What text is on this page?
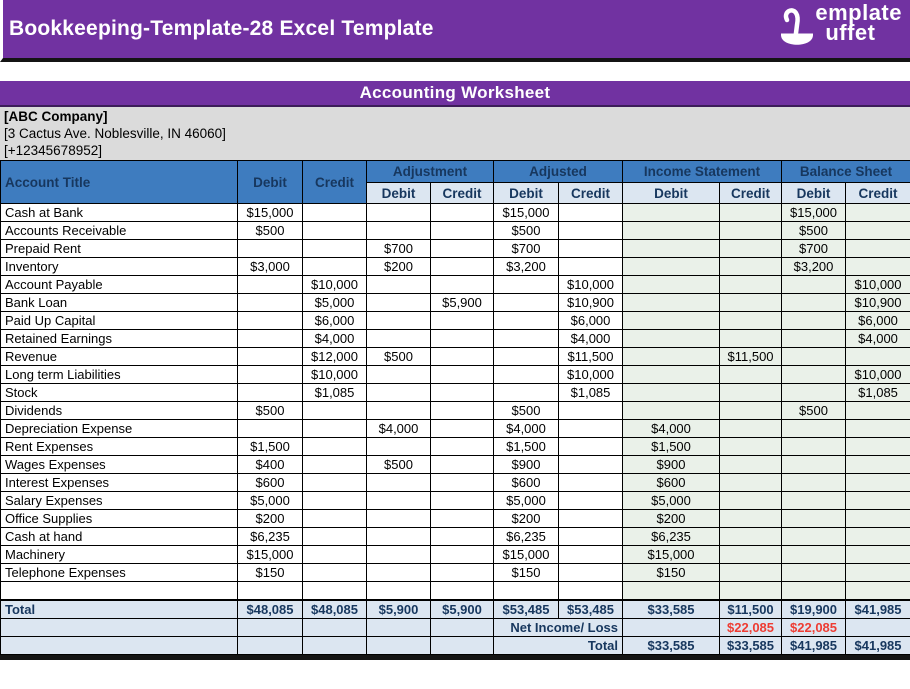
Bookkeeping-Template-28 Excel Template
emplate
uffet
Accounting Worksheet
[ABC Company]
[3 Cactus Ave. Noblesville, IN 46060]
[+12345678952]
Account Title	Debit	Credit	Adjustment		Adjusted		Income Statement		Balance Sheet	
			Debit	Credit	Debit	Credit	Debit	Credit	Debit	Credit
Cash at Bank	$15,000				$15,000				$15,000	
Accounts Receivable	$500				$500				$500	
Prepaid Rent			$700		$700				$700	
Inventory	$3,000		$200		$3,200				$3,200	
Account Payable		$10,000				$10,000				$10,000
Bank Loan		$5,000		$5,900		$10,900				$10,900
Paid Up Capital		$6,000				$6,000				$6,000
Retained Earnings		$4,000				$4,000				$4,000
Revenue		$12,000	$500			$11,500		$11,500		
Long term Liabilities		$10,000				$10,000				$10,000
Stock		$1,085				$1,085				$1,085
Dividends	$500				$500				$500	
Depreciation Expense			$4,000		$4,000		$4,000			
Rent Expenses	$1,500				$1,500		$1,500			
Wages Expenses	$400		$500		$900		$900			
Interest Expenses	$600				$600		$600			
Salary Expenses	$5,000				$5,000		$5,000			
Office Supplies	$200				$200		$200			
Cash at hand	$6,235				$6,235		$6,235			
Machinery	$15,000				$15,000		$15,000			
Telephone Expenses	$150				$150		$150			

Total	$48,085	$48,085	$5,900	$5,900	$53,485	$53,485	$33,585	$11,500	$19,900	$41,985
					Net Income/ Loss			$22,085	$22,085	
					Total		$33,585	$33,585	$41,985	$41,985
